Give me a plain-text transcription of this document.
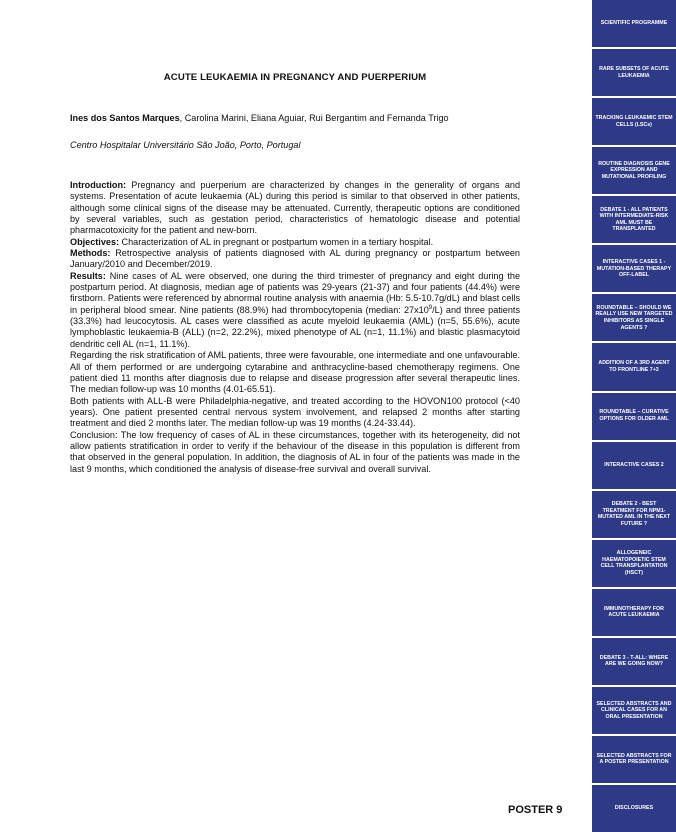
ACUTE LEUKAEMIA IN PREGNANCY AND PUERPERIUM
Ines dos Santos Marques, Carolina Marini, Eliana Aguiar, Rui Bergantim and Fernanda Trigo
Centro Hospitalar Universitário São João, Porto, Portugal

Introduction: Pregnancy and puerperium are characterized by changes in the generality of organs and systems. Presentation of acute leukaemia (AL) during this period is similar to that observed in other patients, although some clinical signs of the disease may be attenuated. Currently, therapeutic options are conditioned by several variables, such as gestation period, characteristics of hematologic disease and potential pharmacotoxicity for the patient and new-born.

Objectives: Characterization of AL in pregnant or postpartum women in a tertiary hospital.

Methods: Retrospective analysis of patients diagnosed with AL during pregnancy or postpartum between January/2010 and December/2019.

Results: Nine cases of AL were observed, one during the third trimester of pregnancy and eight during the postpartum period. At diagnosis, median age of patients was 29-years (21-37) and four patients (44.4%) were firstborn. Patients were referenced by abnormal routine analysis with anaemia (Hb: 5.5-10.7g/dL) and blast cells in peripheral blood smear. Nine patients (88.9%) had thrombocytopenia (median: $27x10^9/L$) and three patients (33.3%) had leucocytosis. AL cases were classified as acute myeloid leukaemia (AML) (n=5, 55.6%), acute lymphoblastic leukaemia-B (ALL) (n=2, 22.2%), mixed phenotype of AL (n=1, 11.1%) and blastic plasmacytoid dendritic cell AL (n=1, 11.1%).

Regarding the risk stratification of AML patients, three were favourable, one intermediate and one unfavourable. All of them performed or are undergoing cytarabine and anthracycline-based chemotherapy regimens. One patient died 11 months after diagnosis due to relapse and disease progression after several therapeutic lines. The median follow-up was 10 months (4.01-65.51).

Both patients with ALL-B were Philadelphia-negative, and treated according to the HOVON100 protocol (<40 years). One patient presented central nervous system involvement, and relapsed 2 months after starting treatment and died 2 months later. The median follow-up was 19 months (4.24-33.44).

Conclusion: The low frequency of cases of AL in these circumstances, together with its heterogeneity, did not allow patients stratification in order to verify if the behaviour of the disease in this population is different from that observed in the general population. In addition, the diagnosis of AL in four of the patients was made in the last 9 months, which conditioned the analysis of disease-free survival and overall survival.

POSTER 9
SCIENTIFIC PROGRAMME
RARE SUBSETS OF ACUTE LEUKAEMIA
TRACKING LEUKAEMIC STEM CELLS (LSCs)
ROUTINE DIAGNOSIS GENE EXPRESSION AND MUTATIONAL PROFILING
DEBATE 1 - ALL PATIENTS WITH INTERMEDIATE-RISK AML MUST BE TRANSPLANTED
INTERACTIVE CASES 1 - MUTATION-BASED THERAPY OFF-LABEL
ROUNDTABLE – SHOULD WE REALLY USE NEW TARGETED INHIBITORS AS SINGLE AGENTS ?
ADDITION OF A 3RD AGENT TO FRONTLINE 7+3
ROUNDTABLE – CURATIVE OPTIONS FOR OLDER AML
INTERACTIVE CASES 2
DEBATE 2 - BEST TREATMENT FOR NPM1-MUTATED AML IN THE NEXT FUTURE ?
ALLOGENEIC HAEMATOPOIETIC STEM CELL TRANSPLANTATION (HSCT)
IMMUNOTHERAPY FOR ACUTE LEUKAEMIA
DEBATE 3 - T-ALL: WHERE ARE WE GOING NOW?
SELECTED ABSTRACTS AND CLINICAL CASES FOR AN ORAL PRESENTATION
SELECTED ABSTRACTS FOR A POSTER PRESENTATION
DISCLOSURES
